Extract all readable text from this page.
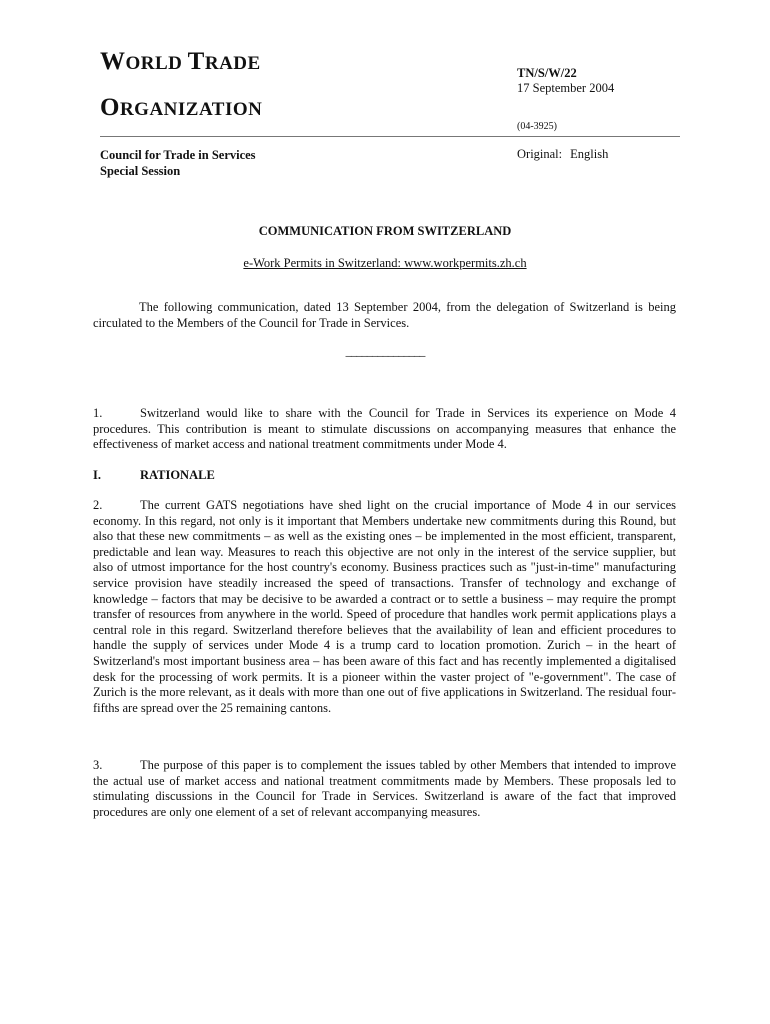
WORLD TRADE
ORGANIZATION
TN/S/W/22
17 September 2004
(04-3925)
Council for Trade in Services
Special Session
Original: English
COMMUNICATION FROM SWITZERLAND
e-Work Permits in Switzerland: www.workpermits.zh.ch
The following communication, dated 13 September 2004, from the delegation of Switzerland is being circulated to the Members of the Council for Trade in Services.
_______________
1.	Switzerland would like to share with the Council for Trade in Services its experience on Mode 4 procedures. This contribution is meant to stimulate discussions on accompanying measures that enhance the effectiveness of market access and national treatment commitments under Mode 4.
I.	RATIONALE
2.	The current GATS negotiations have shed light on the crucial importance of Mode 4 in our services economy. In this regard, not only is it important that Members undertake new commitments during this Round, but also that these new commitments – as well as the existing ones – be implemented in the most efficient, transparent, predictable and lean way. Measures to reach this objective are not only in the interest of the service supplier, but also of utmost importance for the host country's economy. Business practices such as "just-in-time" manufacturing service provision have steadily increased the speed of transactions. Transfer of technology and exchange of knowledge – factors that may be decisive to be awarded a contract or to settle a business – may require the prompt transfer of resources from anywhere in the world. Speed of procedure that handles work permit applications plays a central role in this regard. Switzerland therefore believes that the availability of lean and efficient procedures to handle the supply of services under Mode 4 is a trump card to location promotion. Zurich – in the heart of Switzerland's most important business area – has been aware of this fact and has recently implemented a digitalised desk for the processing of work permits. It is a pioneer within the vaster project of "e-government". The case of Zurich is the more relevant, as it deals with more than one out of five applications in Switzerland. The residual four-fifths are spread over the 25 remaining cantons.
3.	The purpose of this paper is to complement the issues tabled by other Members that intended to improve the actual use of market access and national treatment commitments made by Members. These proposals led to stimulating discussions in the Council for Trade in Services. Switzerland is aware of the fact that improved procedures are only one element of a set of relevant accompanying measures.
